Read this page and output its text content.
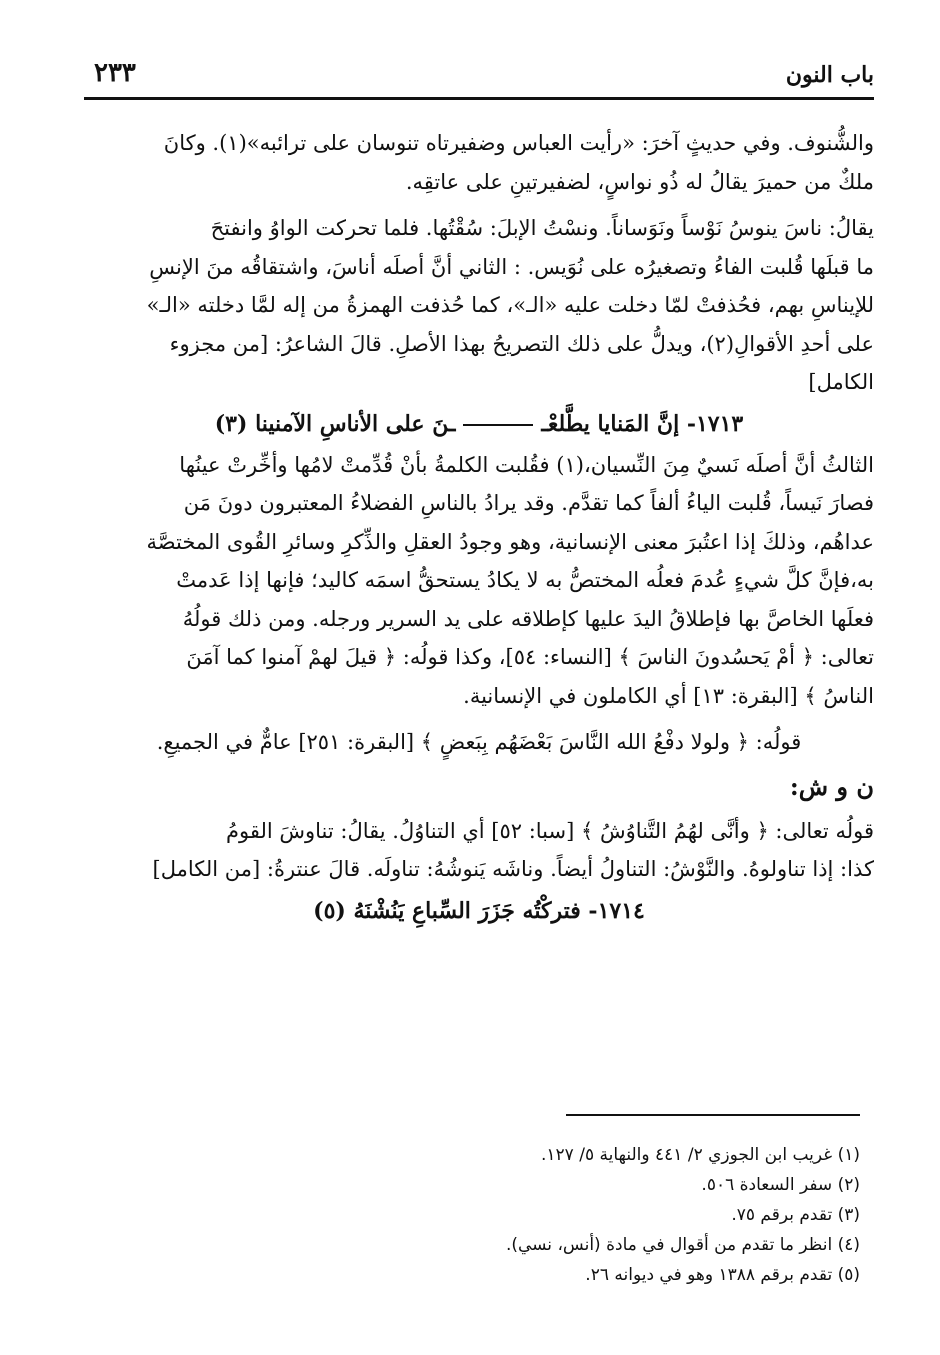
٢٣٣	باب النون

والشُّنوف. وفي حديثٍ آخرَ: «رأيت العباس وضفيرتاه تنوسان على ترائبه»(١). وكانَ

ملكٌ من حميرَ يقالُ له ذُو نواسٍ، لضفيرتينِ على عاتقِه.

يقالُ: ناسَ ينوسُ نَوْساً ونَوَساناً. ونسْتُ الإبلَ: سُقْتُها. فلما تحركت الواوُ وانفتحَ

ما قبلَها قُلبت الفاءُ وتصغيرُه على نُوَيس. : الثاني أنَّ أصلَه أناسَ، واشتقاقُه منَ الإنسِ

للإيناسِ بهم، فحُذفتْ لمّا دخلت عليه «الـ»، كما حُذفت الهمزةُ من إله لمَّا دخلته «الـ»

على أحدِ الأقوالِ(٢)، ويدلُّ على ذلك التصريحُ بهذا الأصلِ. قالَ الشاعرُ: [من مجزوء

الكامل]

١٧١٣- إنَّ المَنايا يطَّلعْــنَ على الأناسِ الآمنينا (٣)

الثالثُ أنَّ أصلَه نَسيٌ مِنَ النِّسيان،(١) فقُلبت الكلمةُ بأنْ قُدِّمتْ لامُها وأخِّرتْ عينُها

فصارَ نَيساً، قُلبت الياءُ ألفاً كما تقدَّم. وقد يرادُ بالناسِ الفضلاءُ المعتبرون دونَ مَن

عداهُم، وذلكَ إذا اعتُبرَ معنى الإنسانية، وهو وجودُ العقلِ والذِّكرِ وسائرِ القُوى المختصَّة

به،فإنَّ كلَّ شيءٍ عُدمَ فعلُه المختصُّ به لا يكادُ يستحقُّ اسمَه كاليد؛ فإنها إذا عَدمتْ

فعلَها الخاصَّ بها فإطلاقُ اليدَ عليها كإطلاقه على يد السرير ورجله. ومن ذلك قولُهُ

تعالى: ﴿ أمْ يَحسُدونَ الناسَ ﴾ [النساء: ٥٤]، وكذا قولُه: ﴿ قيلَ لهمْ آمنوا كما آمَنَ

الناسُ ﴾ [البقرة: ١٣] أي الكاملون في الإنسانية.

قولُه: ﴿ ولولا دفْعُ الله النَّاسَ بَعْضَهُم بِبَعضٍ ﴾ [البقرة: ٢٥١] عامٌّ في الجميعِ.

ن و ش:

قولُه تعالى: ﴿ وأنَّى لهُمُ التَّناوُشُ ﴾ [سبا: ٥٢] أي التناوُلُ. يقالُ: تناوشَ القومُ

كذا: إذا تناولوهُ. والنَّوْشُ: التناولُ أيضاً. وناشَه يَنوشُهُ: تناولَه. قالَ عنترةُ: [من الكامل]

١٧١٤- فتركْتُه جَزَرَ السِّباعِ يَنُشْنَهُ (٥)

(١) غريب ابن الجوزي ٢/ ٤٤١ والنهاية ٥/ ١٢٧.
(٢) سفر السعادة ٥٠٦.
(٣) تقدم برقم ٧٥.
(٤) انظر ما تقدم من أقوال في مادة (أنس، نسي).
(٥) تقدم برقم ١٣٨٨ وهو في ديوانه ٢٦.
